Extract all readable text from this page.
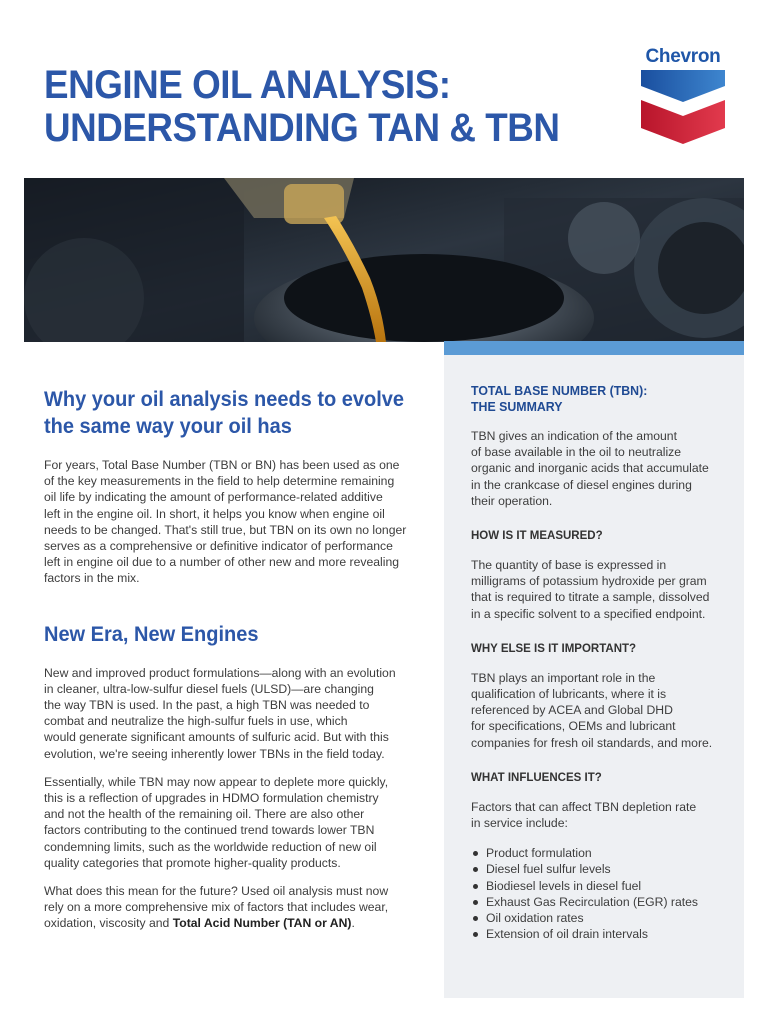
ENGINE OIL ANALYSIS:
UNDERSTANDING TAN & TBN
Chevron
TOTAL BASE NUMBER (TBN):
THE SUMMARY

TBN gives an indication of the amount
of base available in the oil to neutralize
organic and inorganic acids that accumulate
in the crankcase of diesel engines during
their operation.

HOW IS IT MEASURED?

The quantity of base is expressed in
milligrams of potassium hydroxide per gram
that is required to titrate a sample, dissolved
in a specific solvent to a specified endpoint.

WHY ELSE IS IT IMPORTANT?

TBN plays an important role in the
qualification of lubricants, where it is
referenced by ACEA and Global DHD
for specifications, OEMs and lubricant
companies for fresh oil standards, and more.

WHAT INFLUENCES IT?

Factors that can affect TBN depletion rate
in service include:

Product formulation
Diesel fuel sulfur levels
Biodiesel levels in diesel fuel
Exhaust Gas Recirculation (EGR) rates
Oil oxidation rates
Extension of oil drain intervals
Why your oil analysis needs to evolve the same way your oil has

For years, Total Base Number (TBN or BN) has been used as one
of the key measurements in the field to help determine remaining
oil life by indicating the amount of performance-related additive
left in the engine oil. In short, it helps you know when engine oil
needs to be changed. That's still true, but TBN on its own no longer
serves as a comprehensive or definitive indicator of performance
left in engine oil due to a number of other new and more revealing
factors in the mix.

New Era, New Engines

New and improved product formulations—along with an evolution
in cleaner, ultra-low-sulfur diesel fuels (ULSD)—are changing
the way TBN is used. In the past, a high TBN was needed to
combat and neutralize the high-sulfur fuels in use, which
would generate significant amounts of sulfuric acid. But with this
evolution, we're seeing inherently lower TBNs in the field today.

Essentially, while TBN may now appear to deplete more quickly,
this is a reflection of upgrades in HDMO formulation chemistry
and not the health of the remaining oil. There are also other
factors contributing to the continued trend towards lower TBN
condemning limits, such as the worldwide reduction of new oil
quality categories that promote higher-quality products.

What does this mean for the future? Used oil analysis must now
rely on a more comprehensive mix of factors that includes wear,
oxidation, viscosity and Total Acid Number (TAN or AN).
